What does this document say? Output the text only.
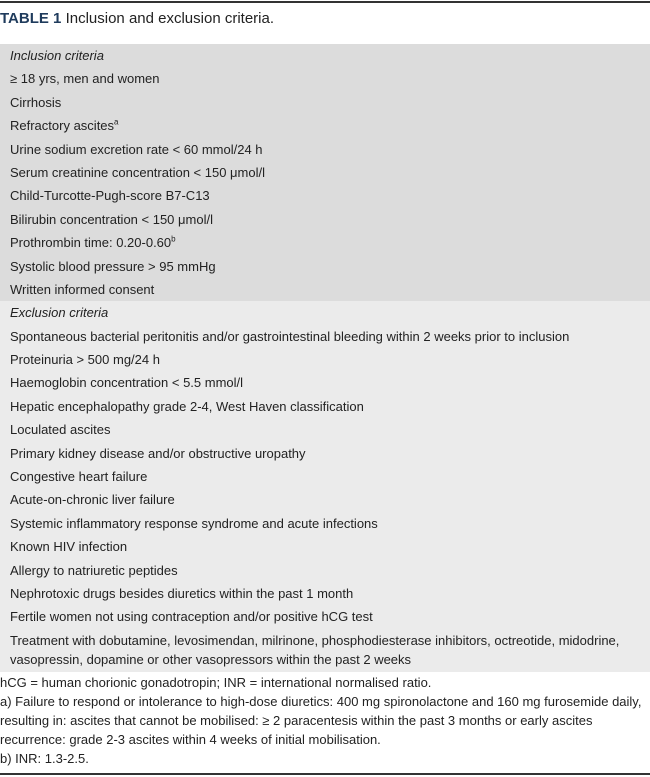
TABLE 1 Inclusion and exclusion criteria.
Inclusion criteria
≥ 18 yrs, men and women
Cirrhosis
Refractory ascites$^a$
Urine sodium excretion rate < 60 mmol/24 h
Serum creatinine concentration < 150 μmol/l
Child-Turcotte-Pugh-score B7-C13
Bilirubin concentration < 150 μmol/l
Prothrombin time: 0.20-0.60$^b$
Systolic blood pressure > 95 mmHg
Written informed consent
Exclusion criteria
Spontaneous bacterial peritonitis and/or gastrointestinal bleeding within 2 weeks prior to inclusion
Proteinuria > 500 mg/24 h
Haemoglobin concentration < 5.5 mmol/l
Hepatic encephalopathy grade 2-4, West Haven classification
Loculated ascites
Primary kidney disease and/or obstructive uropathy
Congestive heart failure
Acute-on-chronic liver failure
Systemic inflammatory response syndrome and acute infections
Known HIV infection
Allergy to natriuretic peptides
Nephrotoxic drugs besides diuretics within the past 1 month
Fertile women not using contraception and/or positive hCG test
Treatment with dobutamine, levosimendan, milrinone, phosphodiesterase inhibitors, octreotide, midodrine, vasopressin, dopamine or other vasopressors within the past 2 weeks
hCG = human chorionic gonadotropin; INR = international normalised ratio.
a) Failure to respond or intolerance to high-dose diuretics: 400 mg spironolactone and 160 mg furosemide daily, resulting in: ascites that cannot be mobilised: ≥ 2 paracentesis within the past 3 months or early ascites recurrence: grade 2-3 ascites within 4 weeks of initial mobilisation.
b) INR: 1.3-2.5.
